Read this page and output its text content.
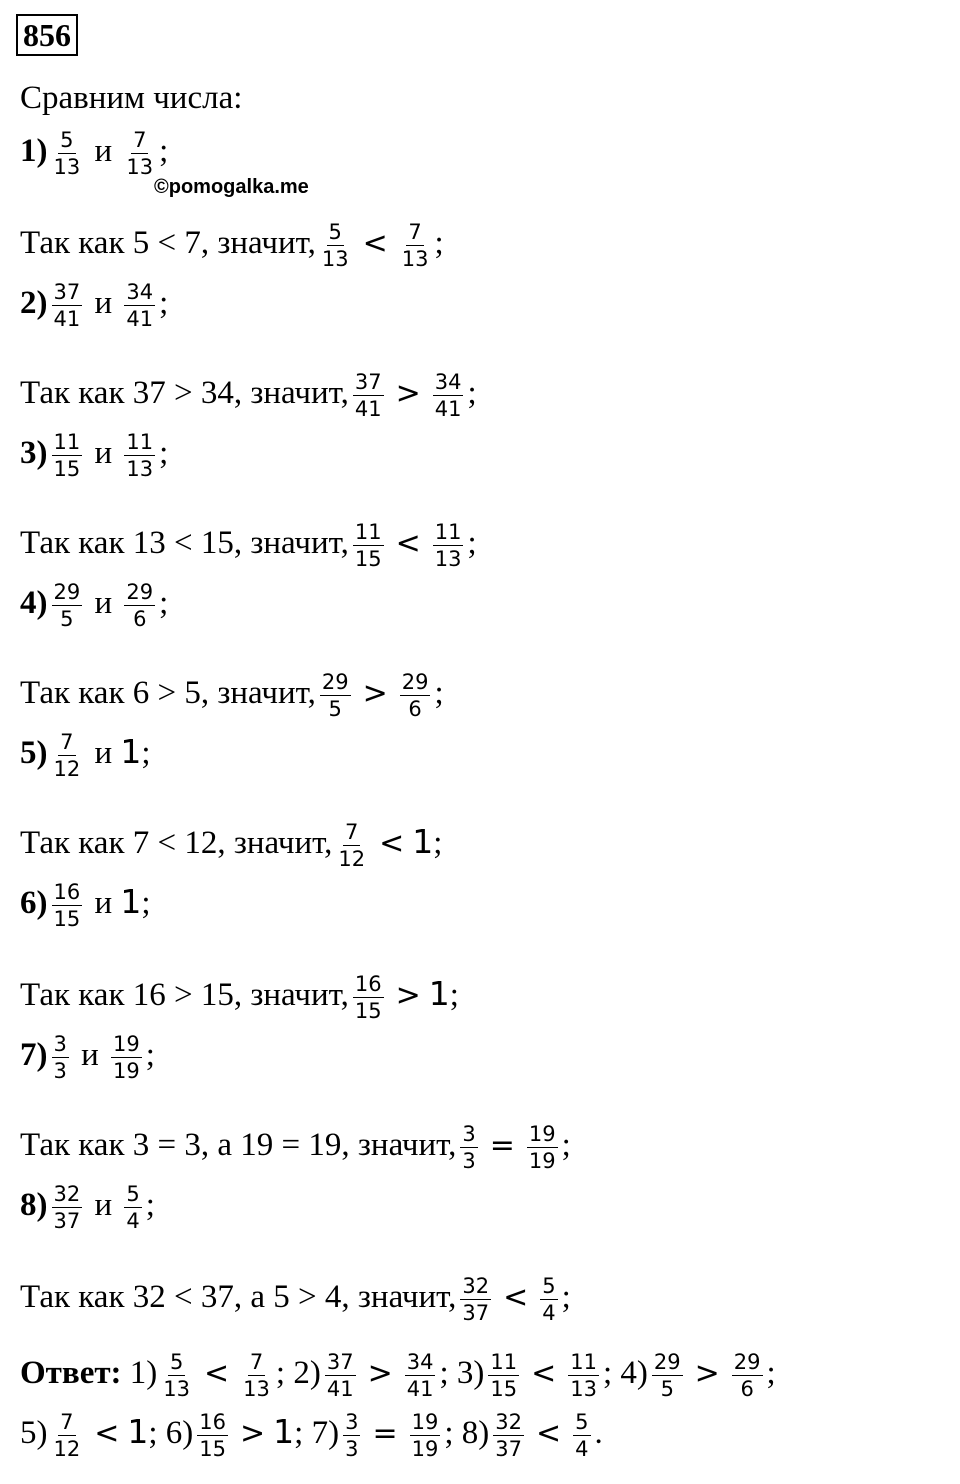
856
Сравним числа:
©pomogalka.me
$1) \frac{5}{13}$ и $\frac{7}{13}$ ;
Так как 5 < 7, значит, $\frac{5}{13} < \frac{7}{13}$ ;
$2) \frac{37}{41}$ и $\frac{34}{41}$ ;
Так как 37 > 34, значит, $\frac{37}{41} > \frac{34}{41}$ ;
$3) \frac{11}{15}$ и $\frac{11}{13}$ ;
Так как 13 < 15, значит, $\frac{11}{15} < \frac{11}{13}$ ;
$4) \frac{29}{5}$ и $\frac{29}{6}$ ;
Так как 6 > 5, значит, $\frac{29}{5} > \frac{29}{6}$ ;
$5) \frac{7}{12}$ и 1;
Так как 7 < 12, значит, $\frac{7}{12} < 1$;
$6) \frac{16}{15}$ и 1;
Так как 16 > 15, значит, $\frac{16}{15} > 1$;
$7) \frac{3}{3}$ и $\frac{19}{19}$ ;
Так как 3 = 3, а 19 = 19, значит, $\frac{3}{3} = \frac{19}{19}$ ;
$8) \frac{32}{37}$ и $\frac{5}{4}$ ;
Так как 32 < 37, а 5 > 4, значит, $\frac{32}{37} < \frac{5}{4}$ ;
Ответ: $1) \frac{5}{13} < \frac{7}{13}$ ; $2) \frac{37}{41} > \frac{34}{41}$ ; $3) \frac{11}{15} < \frac{11}{13}$ ; $4) \frac{29}{5} > \frac{29}{6}$ ;
$5) \frac{7}{12} < 1$; $6) \frac{16}{15} > 1$; $7) \frac{3}{3} = \frac{19}{19}$ ; $8) \frac{32}{37} < \frac{5}{4}$ .
